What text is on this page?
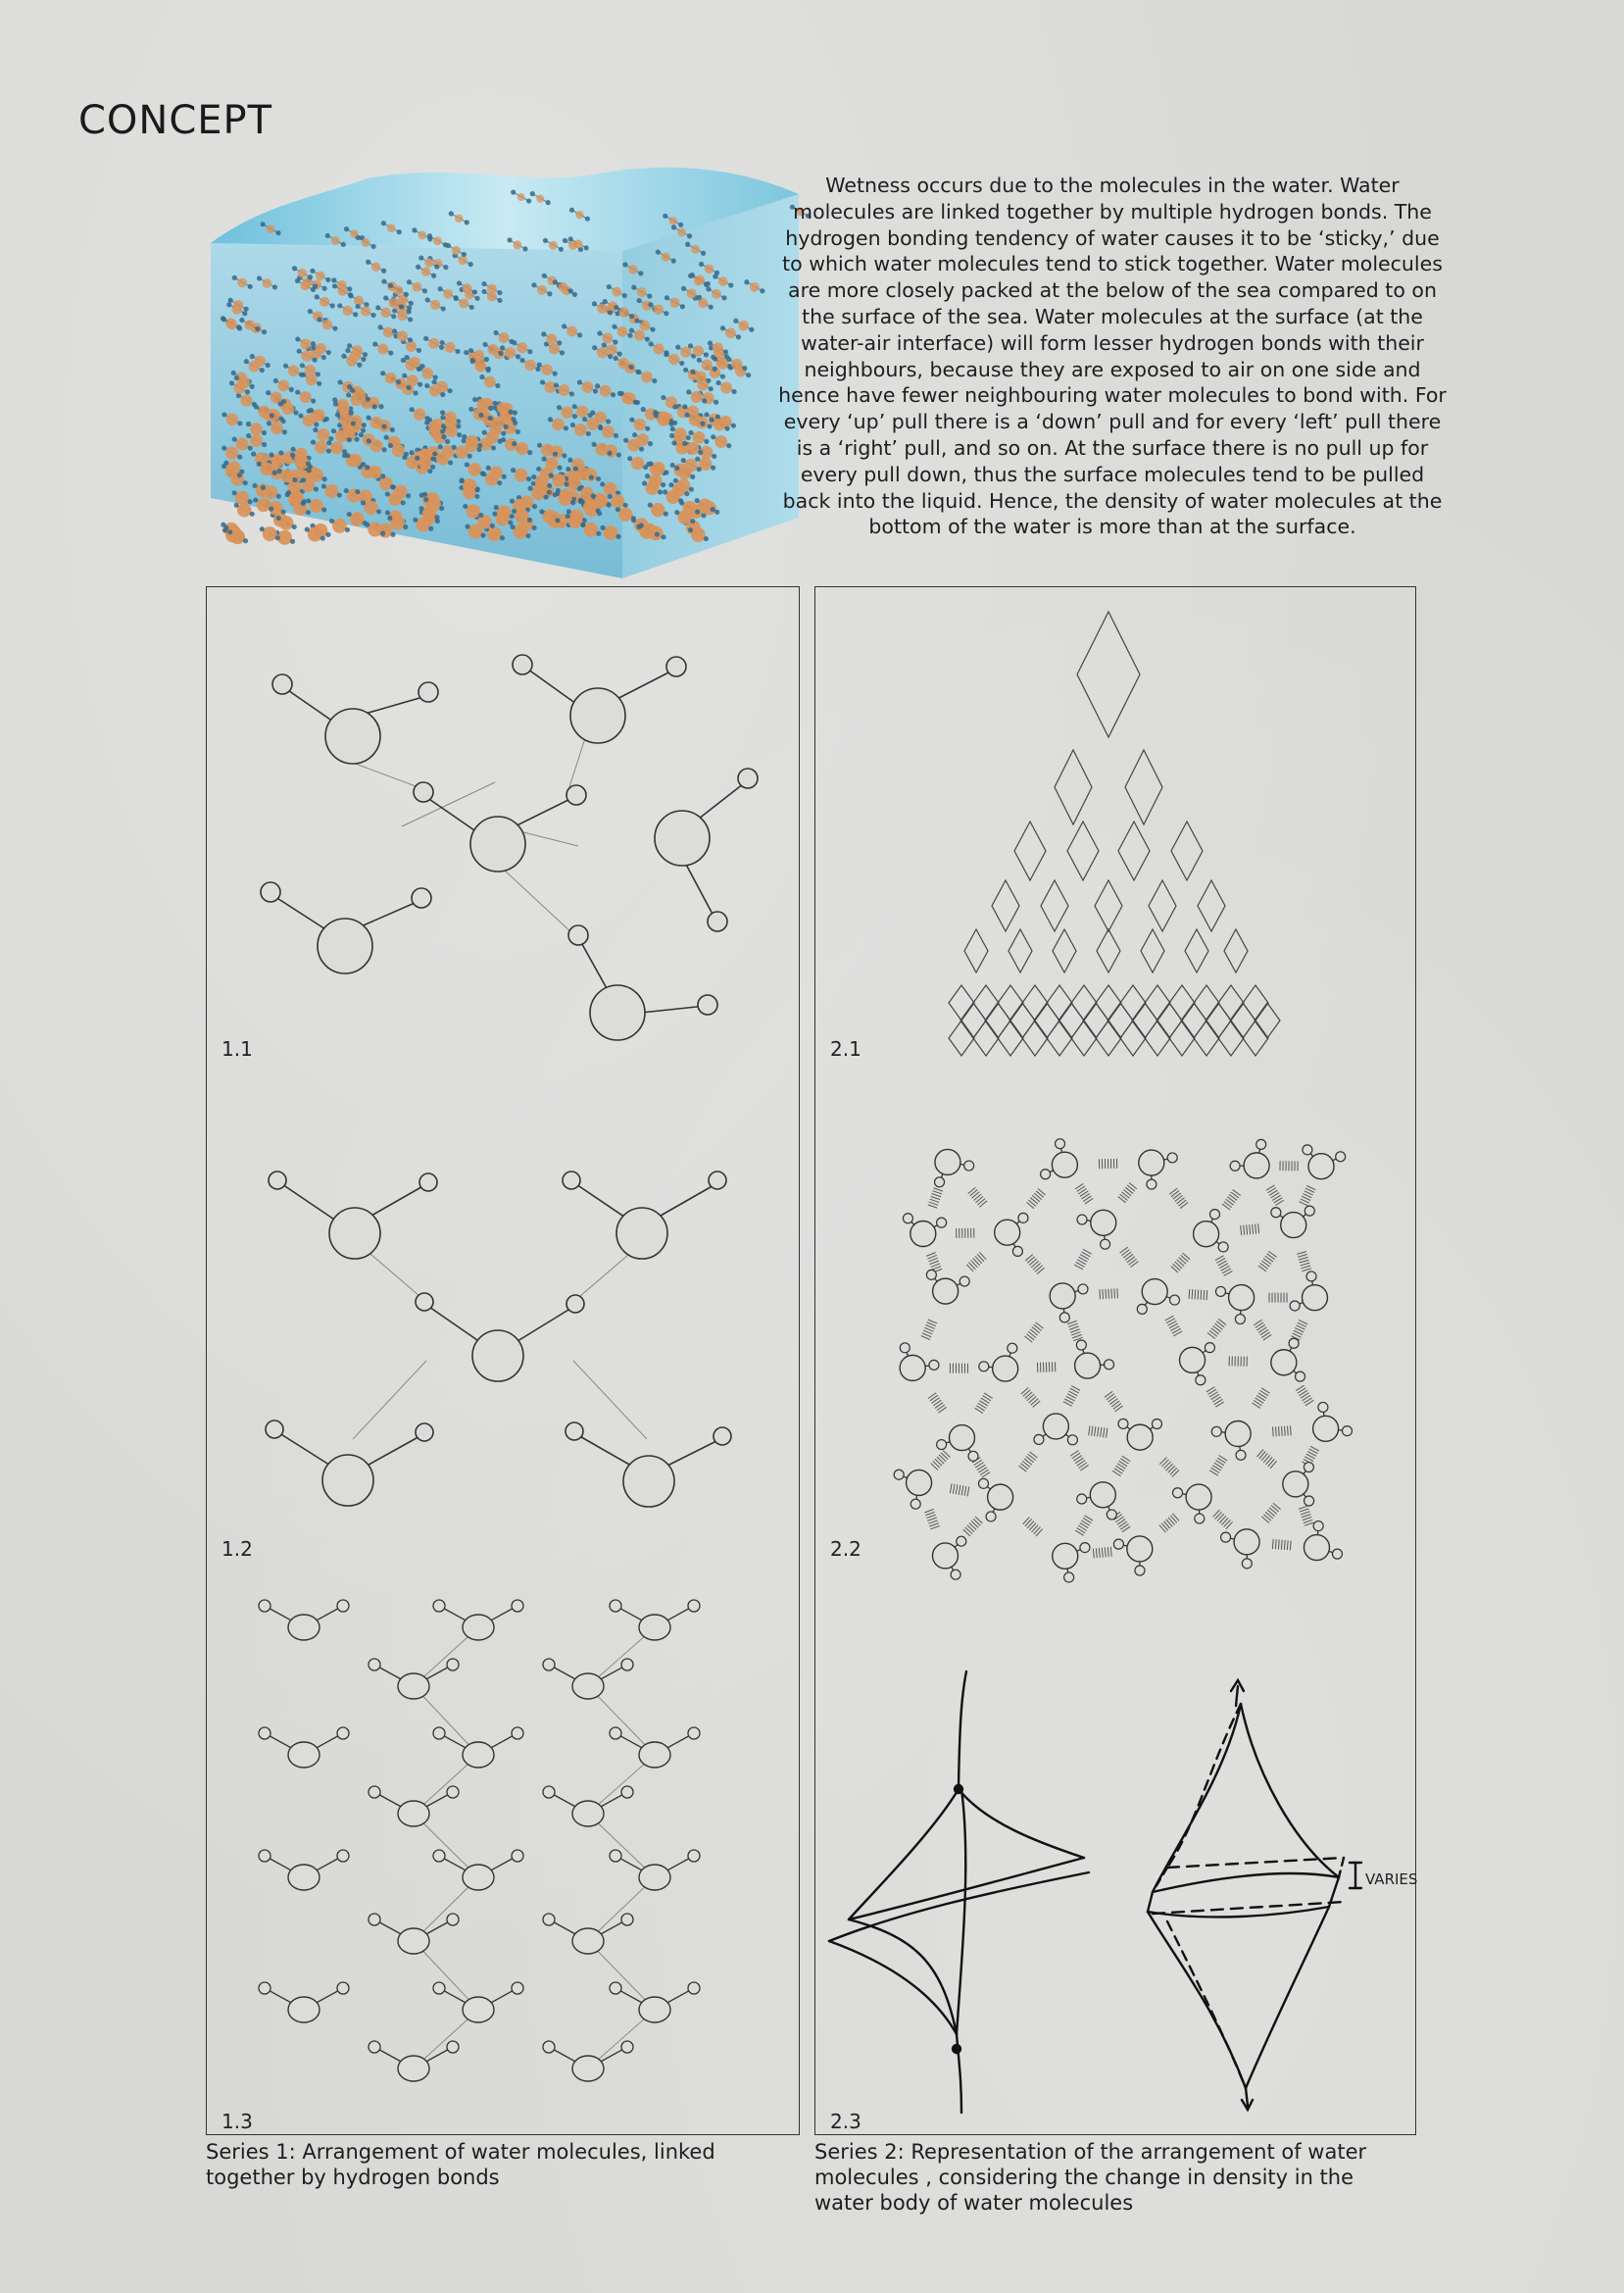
CONCEPT
Wetness occurs due to the molecules in the water. Water molecules are linked together by multiple hydrogen bonds. The hydrogen bonding tendency of water causes it to be ‘sticky,’ due to which water molecules tend to stick together. Water molecules are more closely packed at the below of the sea compared to on the surface of the sea. Water molecules at the surface (at the water-air interface) will form lesser hydrogen bonds with their neighbours, because they are exposed to air on one side and hence have fewer neighbouring water molecules to bond with. For every ‘up’ pull there is a ‘down’ pull and for every ‘left’ pull there is a ‘right’ pull, and so on. At the surface there is no pull up for every pull down, thus the surface molecules tend to be pulled back into the liquid. Hence, the density of water molecules at the bottom of the water is more than at the surface.
1.1
1.2
1.3
2.1
2.2
VARIES
2.3
Series 1: Arrangement of water molecules, linked together by hydrogen bonds
Series 2: Representation of the arrangement of water molecules , considering the change in density in the water body of water molecules
